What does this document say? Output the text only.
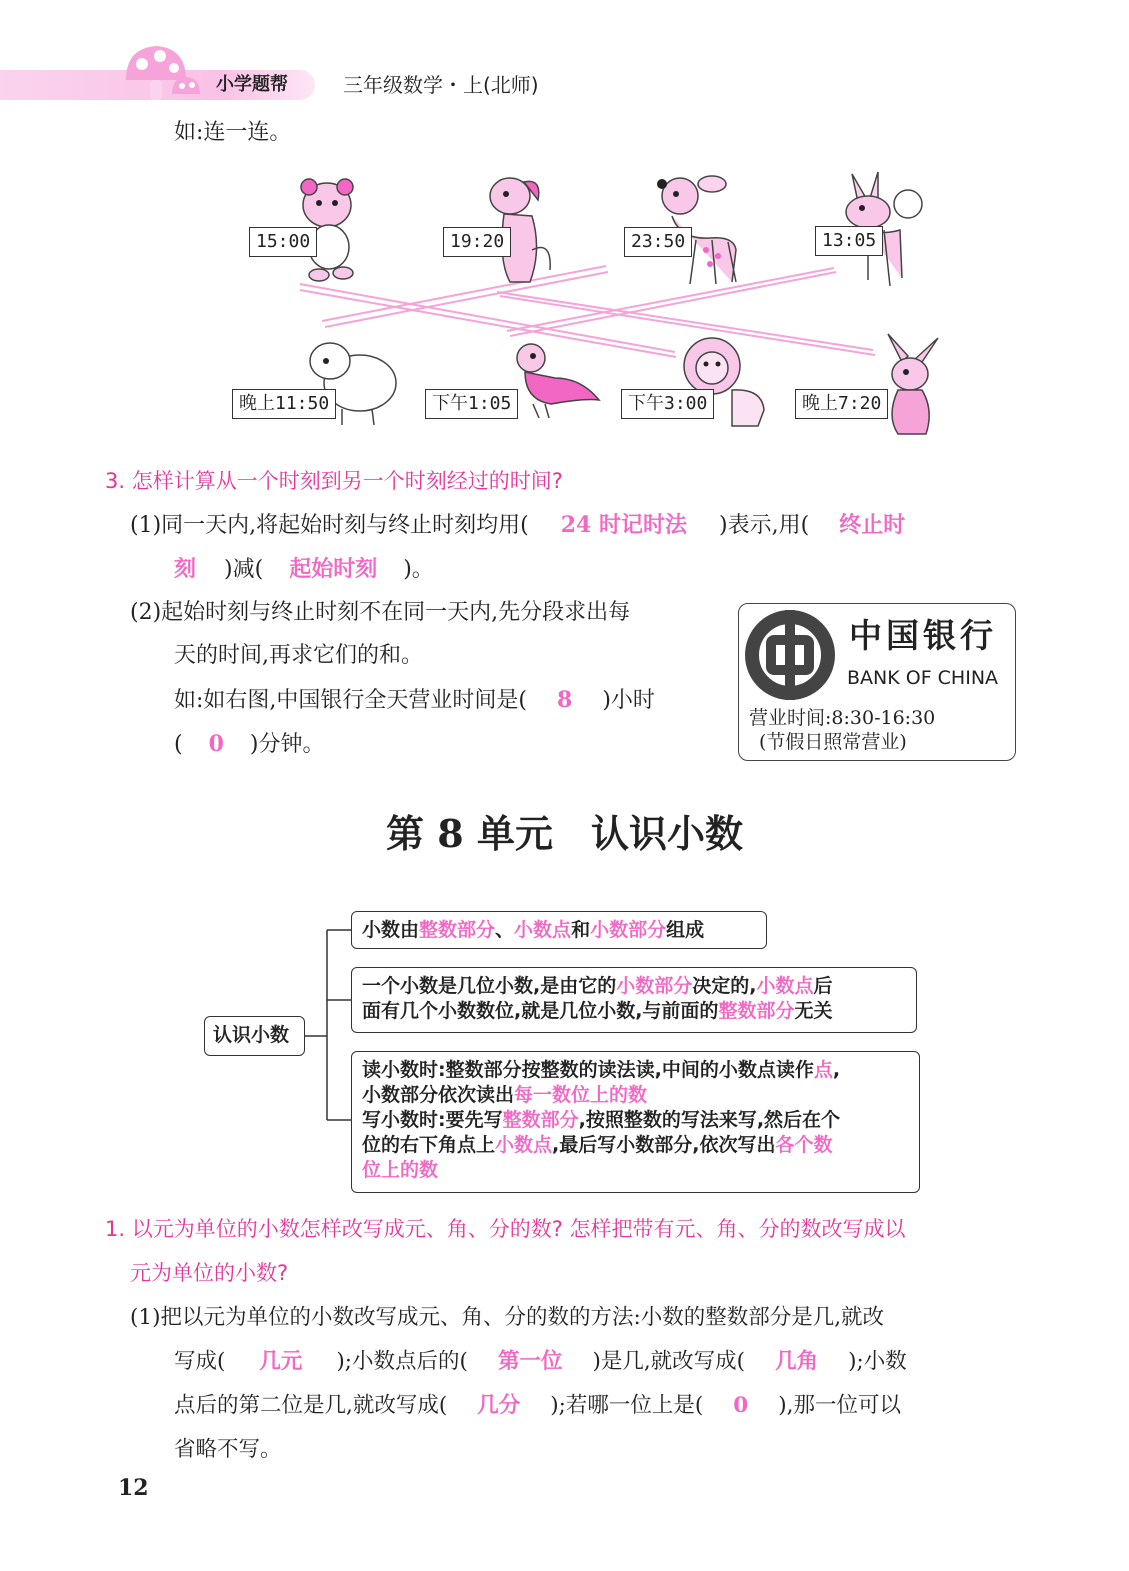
小学题帮	三年级数学・上(北师)
如:连一连。
15:00	19:20	23:50	13:05
晚上11:50	下午1:05	下午3:00	晚上7:20
3. 怎样计算从一个时刻到另一个时刻经过的时间?
(1)同一天内,将起始时刻与终止时刻均用( 24 时记时法 )表示,用( 终止时
刻 )减( 起始时刻 )。
(2)起始时刻与终止时刻不在同一天内,先分段求出每
天的时间,再求它们的和。
如:如右图,中国银行全天营业时间是( 8 )小时
( 0 )分钟。
中国银行
BANK OF CHINA
营业时间:8:30-16:30
(节假日照常营业)
第 8 单元　认识小数
认识小数
小数由整数部分、小数点和小数部分组成
一个小数是几位小数,是由它的小数部分决定的,小数点后
面有几个小数数位,就是几位小数,与前面的整数部分无关
读小数时:整数部分按整数的读法读,中间的小数点读作点,
小数部分依次读出每一数位上的数
写小数时:要先写整数部分,按照整数的写法来写,然后在个
位的右下角点上小数点,最后写小数部分,依次写出各个数
位上的数
1. 以元为单位的小数怎样改写成元、角、分的数? 怎样把带有元、角、分的数改写成以
元为单位的小数?
(1)把以元为单位的小数改写成元、角、分的数的方法:小数的整数部分是几,就改
写成( 几元 );小数点后的( 第一位 )是几,就改写成( 几角 );小数
点后的第二位是几,就改写成( 几分 );若哪一位上是( 0 ),那一位可以
省略不写。
12
